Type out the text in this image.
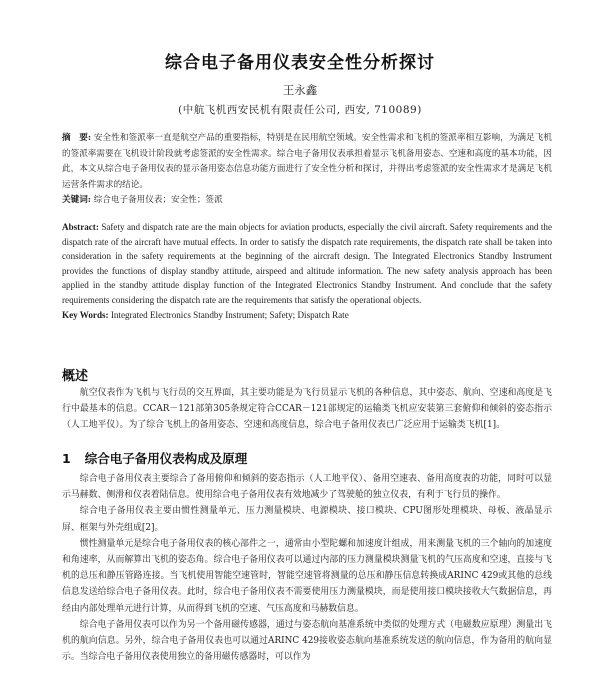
综合电子备用仪表安全性分析探讨
王永鑫
(中航飞机西安民机有限责任公司, 西安, 710089)
摘　要: 安全性和签派率一直是航空产品的重要指标，特别是在民用航空领域。安全性需求和飞机的签派率相互影响，为满足飞机的签派率需要在飞机设计阶段就考虑签派的安全性需求。综合电子备用仪表承担着显示飞机备用姿态、空速和高度的基本功能，因此，本文从综合电子备用仪表的显示备用姿态信息功能方面进行了安全性分析和探讨，并得出考虑签派的安全性需求才是满足飞机运营条件需求的结论。
关键词: 综合电子备用仪表；安全性；签派
Abstract: Safety and dispatch rate are the main objects for aviation products, especially the civil aircraft. Safety requirements and the dispatch rate of the aircraft have mutual effects. In order to satisfy the dispatch rate requirements, the dispatch rate shall be taken into consideration in the safety requirements at the beginning of the aircraft design. The Integrated Electronics Standby Instrument provides the functions of display standby attitude, airspeed and altitude information. The new safety analysis approach has been applied in the standby attitude display function of the Integrated Electronics Standby Instrument. And conclude that the safety requirements considering the dispatch rate are the requirements that satisfy the operational objects.
Key Words: Integrated Electronics Standby Instrument; Safety; Dispatch Rate
概述
航空仪表作为飞机与飞行员的交互界面，其主要功能是为飞行员显示飞机的各种信息，其中姿态、航向、空速和高度是飞行中最基本的信息。CCAR－121部第305条规定符合CCAR－121部规定的运输类飞机应安装第三套俯仰和倾斜的姿态指示（人工地平仪）。为了综合飞机上的备用姿态、空速和高度信息，综合电子备用仪表已广泛应用于运输类飞机[1]。
1 综合电子备用仪表构成及原理

综合电子备用仪表主要综合了备用俯仰和倾斜的姿态指示（人工地平仪）、备用空速表、备用高度表的功能，同时可以显示马赫数、侧滑和仪表着陆信息。使用综合电子备用仪表有效地减少了驾驶舱的独立仪表，有利于飞行员的操作。

综合电子备用仪表主要由惯性测量单元、压力测量模块、电源模块、接口模块、CPU图形处理模块、母板、液晶显示屏、框架与外壳组成[2]。

惯性测量单元是综合电子备用仪表的核心部件之一，通常由小型陀螺和加速度计组成，用来测量飞机的三个轴向的加速度和角速率，从而解算出飞机的姿态角。综合电子备用仪表可以通过内部的压力测量模块测量飞机的气压高度和空速，直接与飞机的总压和静压管路连接。当飞机使用智能空速管时，智能空速管将测量的总压和静压信息转换成ARINC 429或其他的总线信息发送给综合电子备用仪表。此时，综合电子备用仪表不需要使用压力测量模块，而是使用接口模块接收大气数据信息，再经由内部处理单元进行计算，从而得到飞机的空速、气压高度和马赫数信息。

综合电子备用仪表可以作为另一个备用磁传感器，通过与姿态航向基准系统中类似的处理方式（电磁数应原理）测量出飞机的航向信息。另外，综合电子备用仪表也可以通过ARINC 429接收姿态航向基准系统发送的航向信息，作为备用的航向显示。当综合电子备用仪表使用独立的备用磁传感器时，可以作为
